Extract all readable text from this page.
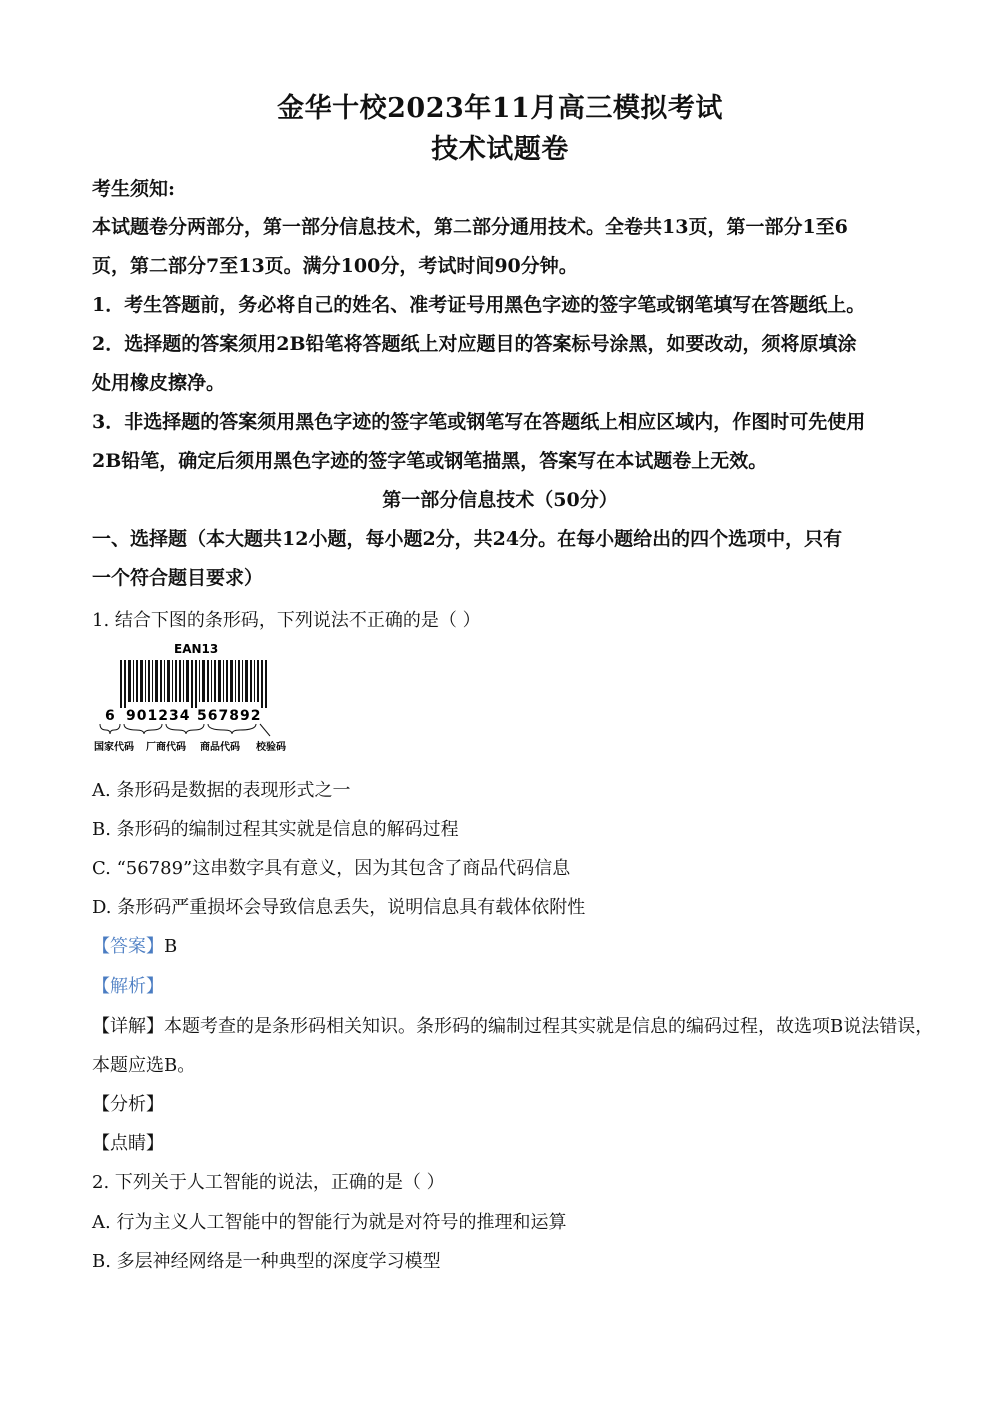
金华十校2023年11月高三模拟考试
技术试题卷
考生须知:
本试题卷分两部分，第一部分信息技术，第二部分通用技术。全卷共13页，第一部分1至6
页，第二部分7至13页。满分100分，考试时间90分钟。
1．考生答题前，务必将自己的姓名、准考证号用黑色字迹的签字笔或钢笔填写在答题纸上。
2．选择题的答案须用2B铅笔将答题纸上对应题目的答案标号涂黑，如要改动，须将原填涂
处用橡皮擦净。
3．非选择题的答案须用黑色字迹的签字笔或钢笔写在答题纸上相应区域内，作图时可先使用
2B铅笔，确定后须用黑色字迹的签字笔或钢笔描黑，答案写在本试题卷上无效。
第一部分信息技术（50分）
一、选择题（本大题共12小题，每小题2分，共24分。在每小题给出的四个选项中，只有
一个符合题目要求）
1. 结合下图的条形码，下列说法不正确的是（ ）
EAN13
6 901234 567892
国家代码 厂商代码 商品代码 校验码
A. 条形码是数据的表现形式之一
B. 条形码的编制过程其实就是信息的解码过程
C. “56789”这串数字具有意义，因为其包含了商品代码信息
D. 条形码严重损坏会导致信息丢失，说明信息具有载体依附性
【答案】B
【解析】
【详解】本题考查的是条形码相关知识。条形码的编制过程其实就是信息的编码过程，故选项B说法错误，
本题应选B。
【分析】
【点睛】
2. 下列关于人工智能的说法，正确的是（ ）
A. 行为主义人工智能中的智能行为就是对符号的推理和运算
B. 多层神经网络是一种典型的深度学习模型
